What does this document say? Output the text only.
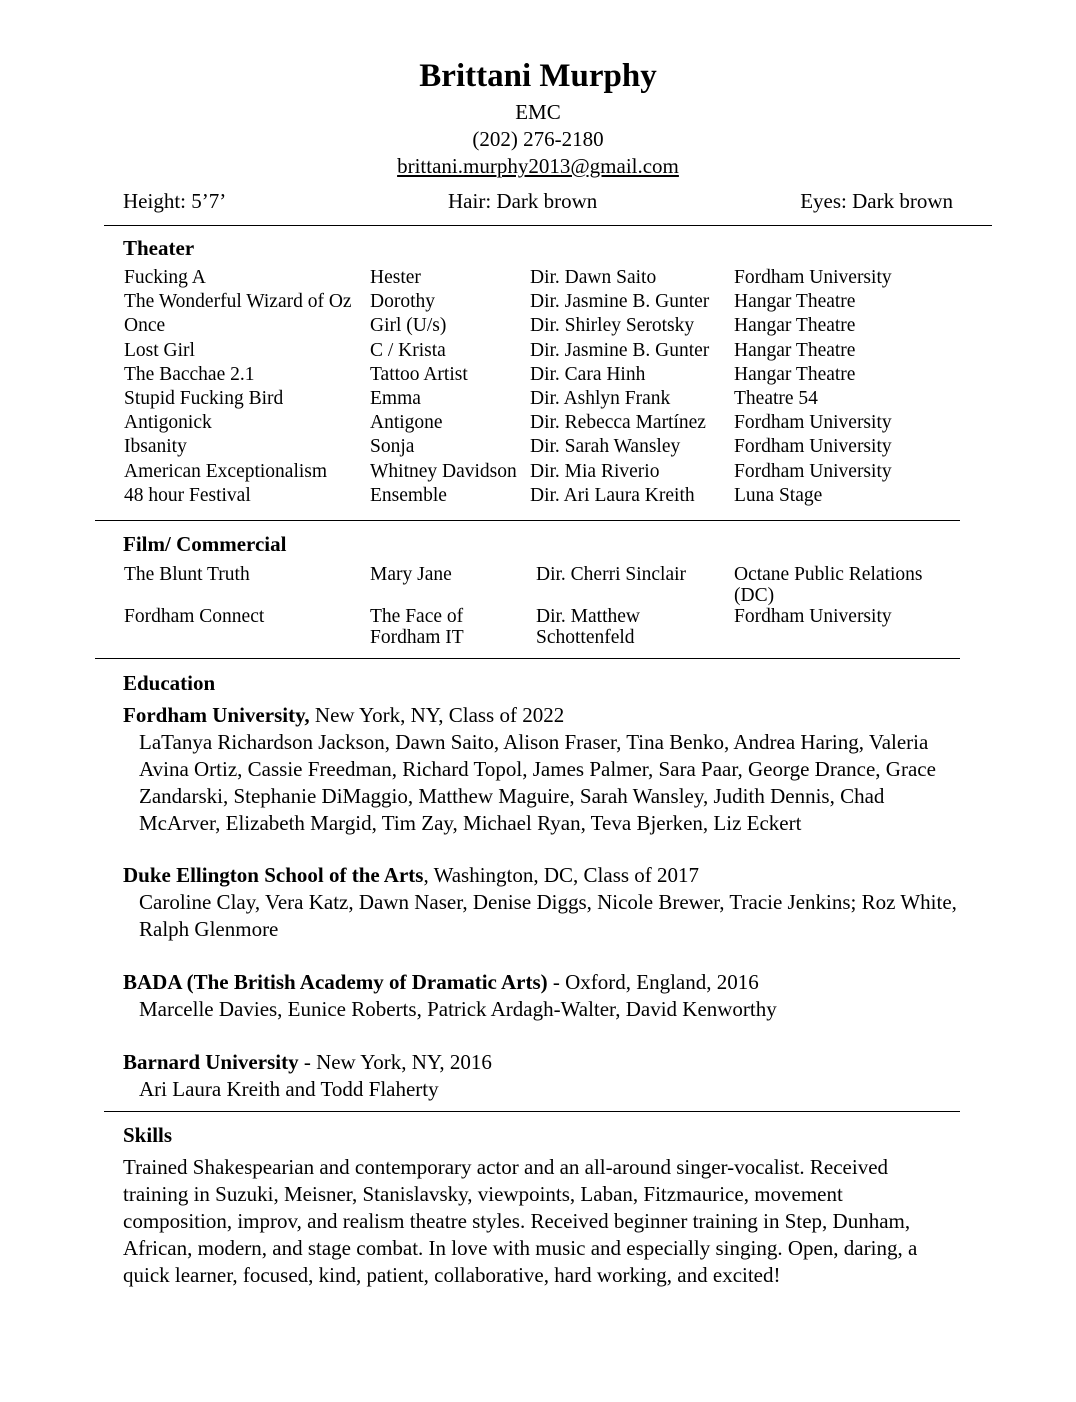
Brittani Murphy
EMC
(202) 276-2180
brittani.murphy2013@gmail.com
Height: 5’7’	Hair: Dark brown	Eyes: Dark brown
Theater
Fucking A	Hester	Dir. Dawn Saito	Fordham University
The Wonderful Wizard of Oz	Dorothy	Dir. Jasmine B. Gunter	Hangar Theatre
Once	Girl (U/s)	Dir. Shirley Serotsky	Hangar Theatre
Lost Girl	C / Krista	Dir. Jasmine B. Gunter	Hangar Theatre
The Bacchae 2.1	Tattoo Artist	Dir. Cara Hinh	Hangar Theatre
Stupid Fucking Bird	Emma	Dir. Ashlyn Frank	Theatre 54
Antigonick	Antigone	Dir. Rebecca Martínez	Fordham University
Ibsanity	Sonja	Dir. Sarah Wansley	Fordham University
American Exceptionalism	Whitney Davidson	Dir. Mia Riverio	Fordham University
48 hour Festival	Ensemble	Dir. Ari Laura Kreith	Luna Stage
Film/ Commercial
The Blunt Truth	Mary Jane	Dir. Cherri Sinclair	Octane Public Relations (DC)
Fordham Connect	The Face of Fordham IT	Dir. Matthew Schottenfeld	Fordham University
Education
Fordham University, New York, NY, Class of 2022
LaTanya Richardson Jackson, Dawn Saito, Alison Fraser, Tina Benko, Andrea Haring, Valeria Avina Ortiz, Cassie Freedman, Richard Topol, James Palmer, Sara Paar, George Drance, Grace Zandarski, Stephanie DiMaggio, Matthew Maguire, Sarah Wansley, Judith Dennis, Chad McArver, Elizabeth Margid, Tim Zay, Michael Ryan, Teva Bjerken, Liz Eckert
Duke Ellington School of the Arts, Washington, DC, Class of 2017
Caroline Clay, Vera Katz, Dawn Naser, Denise Diggs, Nicole Brewer, Tracie Jenkins; Roz White, Ralph Glenmore
BADA (The British Academy of Dramatic Arts) - Oxford, England, 2016
Marcelle Davies, Eunice Roberts, Patrick Ardagh-Walter, David Kenworthy
Barnard University - New York, NY, 2016
Ari Laura Kreith and Todd Flaherty
Skills
Trained Shakespearian and contemporary actor and an all-around singer-vocalist. Received training in Suzuki, Meisner, Stanislavsky, viewpoints, Laban, Fitzmaurice, movement composition, improv, and realism theatre styles. Received beginner training in Step, Dunham, African, modern, and stage combat. In love with music and especially singing. Open, daring, a quick learner, focused, kind, patient, collaborative, hard working, and excited!
